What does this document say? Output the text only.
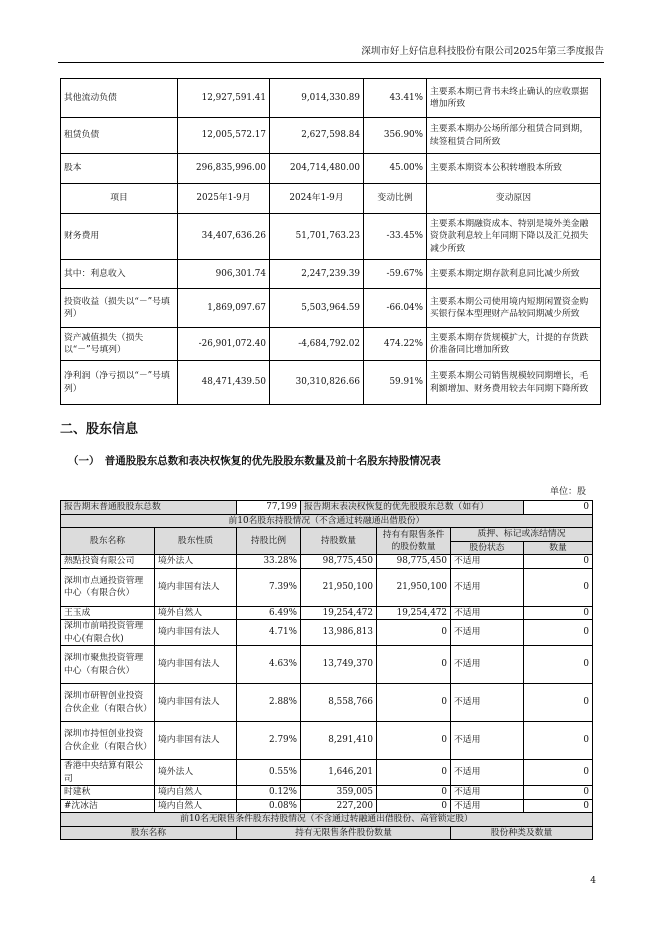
深圳市好上好信息科技股份有限公司2025年第三季度报告
其他流动负债	12,927,591.41	9,014,330.89	43.41%	主要系本期已背书未终止确认的应收票据增加所致
租赁负债	12,005,572.17	2,627,598.84	356.90%	主要系本期办公场所部分租赁合同到期，续签租赁合同所致
股本	296,835,996.00	204,714,480.00	45.00%	主要系本期资本公积转增股本所致
项目	2025年1-9月	2024年1-9月	变动比例	变动原因
财务费用	34,407,636.26	51,701,763.23	-33.45%	主要系本期融资成本、特别是境外美金融资贷款利息较上年同期下降以及汇兑损失减少所致
其中：利息收入	906,301.74	2,247,239.39	-59.67%	主要系本期定期存款利息同比减少所致
投资收益（损失以“－”号填列）	1,869,097.67	5,503,964.59	-66.04%	主要系本期公司使用境内短期闲置资金购买银行保本型理财产品较同期减少所致
资产减值损失（损失以“－”号填列）	-26,901,072.40	-4,684,792.02	474.22%	主要系本期存货规模扩大，计提的存货跌价准备同比增加所致
净利润（净亏损以“－”号填列）	48,471,439.50	30,310,826.66	59.91%	主要系本期公司销售规模较同期增长，毛利额增加、财务费用较去年同期下降所致
二、股东信息
（一）　普通股股东总数和表决权恢复的优先股股东数量及前十名股东持股情况表
单位：股
报告期末普通股股东总数		77,199	报告期末表决权恢复的优先股股东总数（如有）			0
前10名股东持股情况（不含通过转融通出借股份）						
股东名称	股东性质	持股比例	持股数量	持有有限售条件的股份数量	质押、标记或冻结情况	
					股份状态	数量
熱點投資有限公司	境外法人	33.28%	98,775,450	98,775,450	不适用	0
深圳市点通投资管理中心（有限合伙）	境内非国有法人	7.39%	21,950,100	21,950,100	不适用	0
王玉成	境外自然人	6.49%	19,254,472	19,254,472	不适用	0
深圳市前哨投资管理中心(有限合伙)	境内非国有法人	4.71%	13,986,813	0	不适用	0
深圳市聚焦投资管理中心（有限合伙）	境内非国有法人	4.63%	13,749,370	0	不适用	0
深圳市研智创业投资合伙企业（有限合伙）	境内非国有法人	2.88%	8,558,766	0	不适用	0
深圳市持恒创业投资合伙企业（有限合伙）	境内非国有法人	2.79%	8,291,410	0	不适用	0
香港中央结算有限公司	境外法人	0.55%	1,646,201	0	不适用	0
时建秋	境内自然人	0.12%	359,005	0	不适用	0
#沈冰洁	境内自然人	0.08%	227,200	0	不适用	0
前10名无限售条件股东持股情况（不含通过转融通出借股份、高管锁定股）						
股东名称		持有无限售条件股份数量			股份种类及数量	
4
